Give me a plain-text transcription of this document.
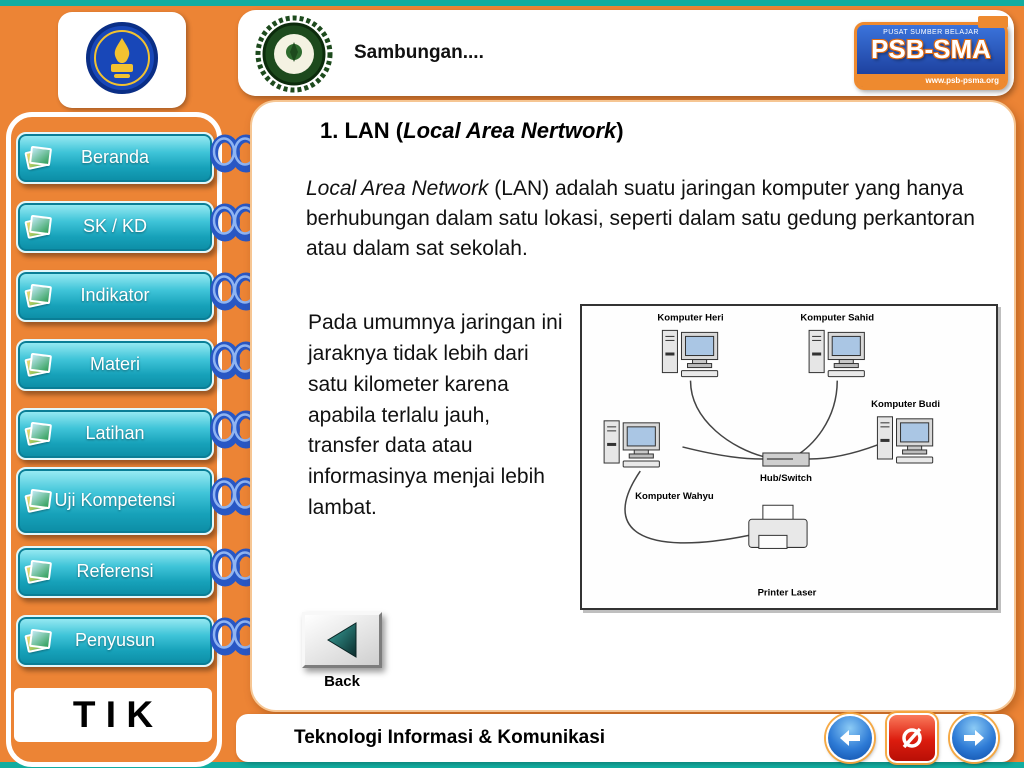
Beranda
SK / KD
Indikator
Materi
Latihan
Uji Kompetensi
Referensi
Penyusun
T I K
Sambungan....
PUSAT SUMBER BELAJAR
PSB-SMA
www.psb-psma.org
1. LAN (Local Area Nertwork)
Local Area Network (LAN) adalah suatu jaringan komputer yang hanya berhubungan dalam satu lokasi, seperti dalam satu gedung perkantoran atau dalam sat sekolah.
Pada umumnya jaringan ini jaraknya tidak lebih dari satu kilometer karena apabila terlalu jauh, transfer data atau informasinya menjai lebih lambat.
Komputer Heri	Komputer Sahid
Komputer Budi
Komputer Wahyu
Hub/Switch
Printer Laser
Back
Teknologi Informasi & Komunikasi
